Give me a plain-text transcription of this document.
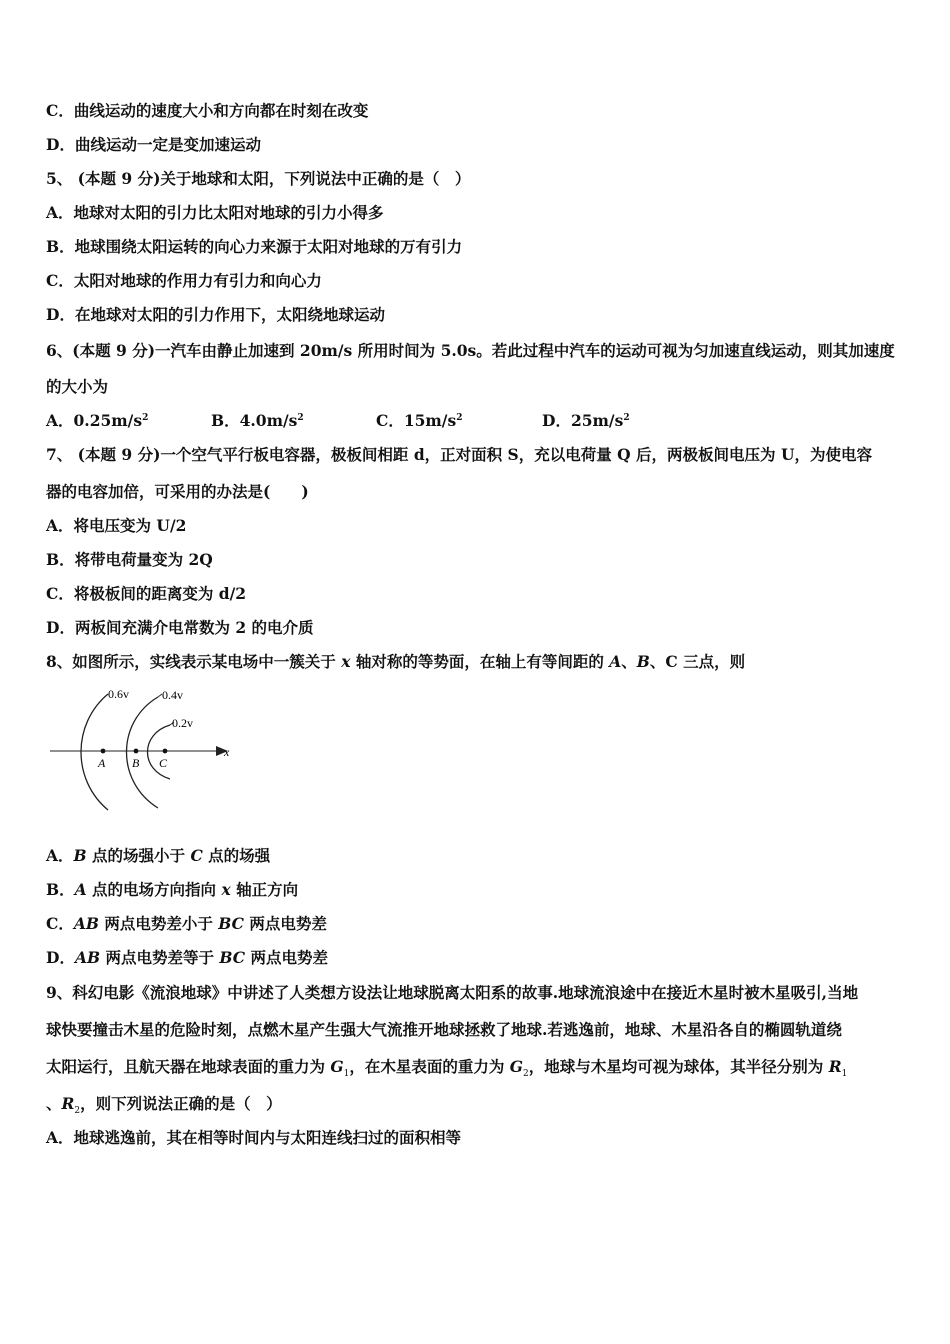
C．曲线运动的速度大小和方向都在时刻在改变
D．曲线运动一定是变加速运动
5、 (本题 9 分)关于地球和太阳，下列说法中正确的是（　）
A．地球对太阳的引力比太阳对地球的引力小得多
B．地球围绕太阳运转的向心力来源于太阳对地球的万有引力
C．太阳对地球的作用力有引力和向心力
D．在地球对太阳的引力作用下，太阳绕地球运动
6、(本题 9 分)一汽车由静止加速到 20m/s 所用时间为 5.0s。若此过程中汽车的运动可视为匀加速直线运动，则其加速度
的大小为
A．$0.25m/s^2$	B．$4.0m/s^2$	C．$15m/s^2$	D．$25m/s^2$
7、 (本题 9 分)一个空气平行板电容器，极板间相距 d，正对面积 S，充以电荷量 Q 后，两极板间电压为 U，为使电容
器的电容加倍，可采用的办法是(　　)
A．将电压变为 U/2
B．将带电荷量变为 2Q
C．将极板间的距离变为 d/2
D．两板间充满介电常数为 2 的电介质
8、如图所示，实线表示某电场中一簇关于 x 轴对称的等势面，在轴上有等间距的 A、B、C 三点，则
0.6v	0.4v
0.2v
A B C
x
A．B 点的场强小于 C 点的场强
B．A 点的电场方向指向 x 轴正方向
C．AB 两点电势差小于 BC 两点电势差
D．AB 两点电势差等于 BC 两点电势差
9、科幻电影《流浪地球》中讲述了人类想方设法让地球脱离太阳系的故事.地球流浪途中在接近木星时被木星吸引,当地
球快要撞击木星的危险时刻，点燃木星产生强大气流推开地球拯救了地球.若逃逸前，地球、木星沿各自的椭圆轨道绕
太阳运行，且航天器在地球表面的重力为 $G_1$，在木星表面的重力为 $G_2$，地球与木星均可视为球体，其半径分别为 $R_1$
、$R_2$，则下列说法正确的是（　）
A．地球逃逸前，其在相等时间内与太阳连线扫过的面积相等
